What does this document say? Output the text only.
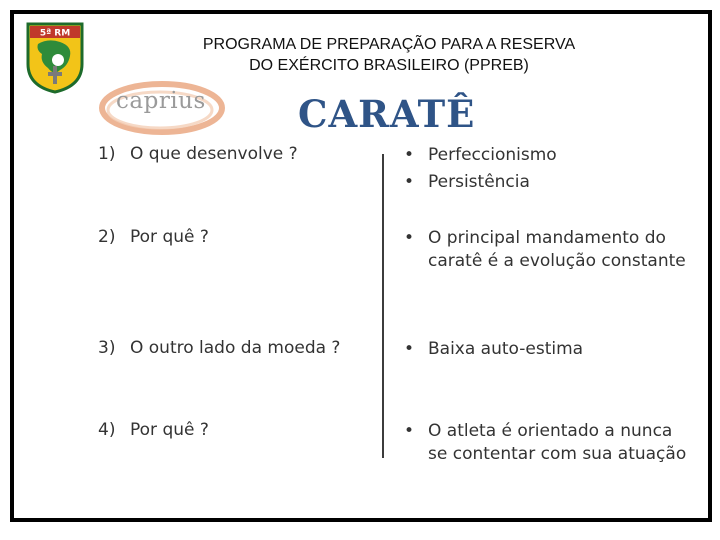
5ª RM
PROGRAMA DE PREPARAÇÃO PARA A RESERVA
DO EXÉRCITO BRASILEIRO (PPREB)
caprius CARATÊ
1) O que desenvolve ?
2) Por quê ?
3) O outro lado da moeda ?
4) Por quê ?
• Perfeccionismo
• Persistência
• O principal mandamento do caratê é a evolução constante
• Baixa auto-estima
• O atleta é orientado a nunca se contentar com sua atuação
